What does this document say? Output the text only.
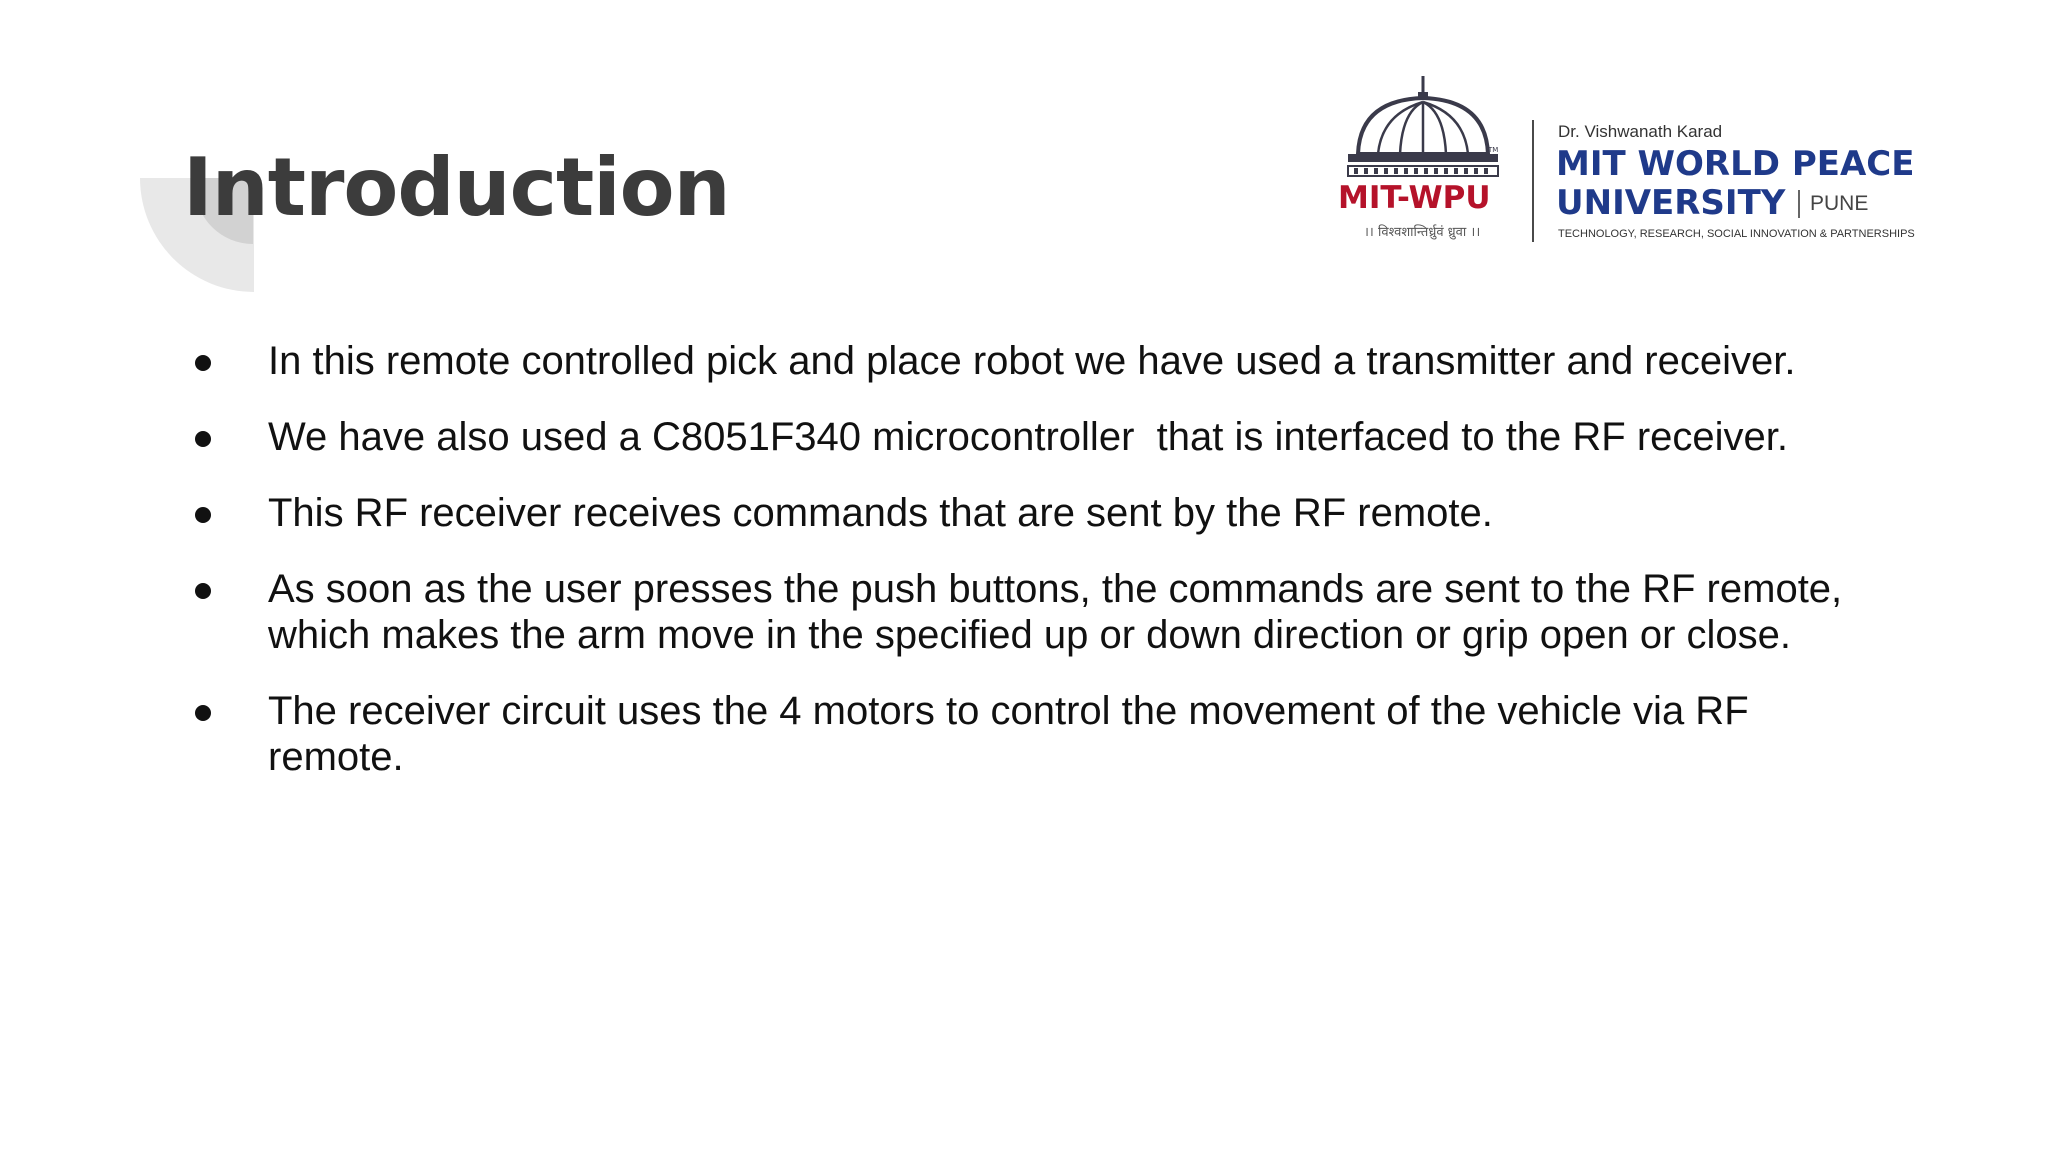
Introduction	TM
MIT-WPU
।। विश्वशान्तिर्ध्रुवं ध्रुवा ।।
Dr. Vishwanath Karad
MIT WORLD PEACE
UNIVERSITY PUNE
TECHNOLOGY, RESEARCH, SOCIAL INNOVATION & PARTNERSHIPS
In this remote controlled pick and place robot we have used a transmitter and receiver.
We have also used a C8051F340 microcontroller  that is interfaced to the RF receiver.
This RF receiver receives commands that are sent by the RF remote.
As soon as the user presses the push buttons, the commands are sent to the RF remote, which makes the arm move in the specified up or down direction or grip open or close.
The receiver circuit uses the 4 motors to control the movement of the vehicle via RF remote.
